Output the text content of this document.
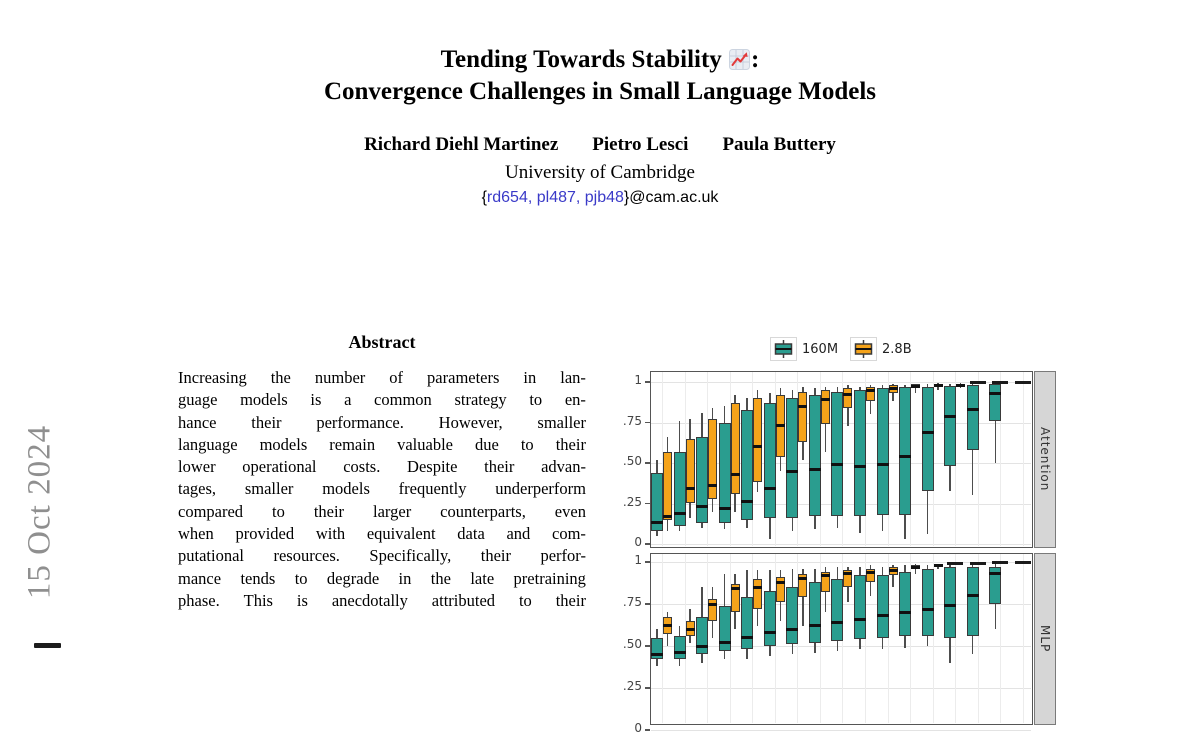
15 Oct 2024
Tending Towards Stability :
Convergence Challenges in Small Language Models
Richard Diehl Martinez Pietro Lesci Paula Buttery
University of Cambridge
{rd654, pl487, pjb48}@cam.ac.uk
Abstract
Increasing the number of parameters in lan-
guage models is a common strategy to en-
hance their performance. However, smaller
language models remain valuable due to their
lower operational costs. Despite their advan-
tages, smaller models frequently underperform
compared to their larger counterparts, even
when provided with equivalent data and com-
putational resources. Specifically, their perfor-
mance tends to degrade in the late pretraining
phase. This is anecdotally attributed to their
160M	2.8B
1
.75
.50
.25
0
Attention
1
.75
.50
.25
0
MLP
